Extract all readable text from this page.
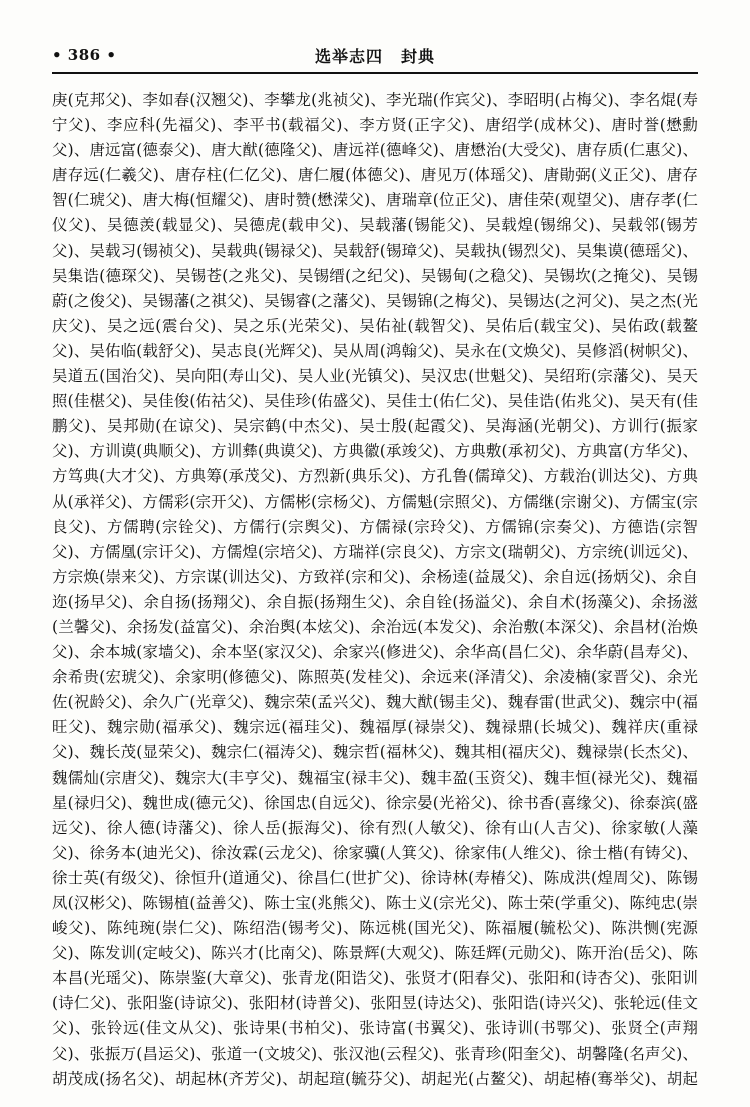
• 386 •	选举志四 封典
庚(克邦父)、李如春(汉翘父)、李攀龙(兆祯父)、李光瑞(作宾父)、李昭明(占梅父)、李名焜(寿
宁父)、李应科(先福父)、李平书(载福父)、李方贤(正字父)、唐绍学(成林父)、唐时誉(懋勳
父)、唐远富(德泰父)、唐大猷(德隆父)、唐远祥(德峰父)、唐懋治(大受父)、唐存质(仁惠父)、
唐存远(仁羲父)、唐存柱(仁亿父)、唐仁履(体德父)、唐见万(体瑶父)、唐勛弼(义正父)、唐存
智(仁琥父)、唐大梅(恒耀父)、唐时赞(懋溁父)、唐瑞章(位正父)、唐佳荣(观望父)、唐存孝(仁
仪父)、吴德羡(载显父)、吴德虎(载申父)、吴载藩(锡能父)、吴载煌(锡绵父)、吴载邻(锡芳
父)、吴载习(锡祯父)、吴载典(锡禄父)、吴载舒(锡璋父)、吴载执(锡烈父)、吴集谟(德瑶父)、
吴集诰(德琛父)、吴锡苍(之兆父)、吴锡缙(之纪父)、吴锡甸(之稳父)、吴锡坎(之掩父)、吴锡
蔚(之俊父)、吴锡藩(之祺父)、吴锡睿(之藩父)、吴锡锦(之梅父)、吴锡达(之河父)、吴之杰(光
庆父)、吴之远(震台父)、吴之乐(光荣父)、吴佑祉(载智父)、吴佑后(载宝父)、吴佑政(载鳌
父)、吴佑临(载舒父)、吴志良(光辉父)、吴从周(鸿翰父)、吴永在(文焕父)、吴修滔(树帜父)、
吴道五(国治父)、吴向阳(寿山父)、吴人业(光镇父)、吴汉忠(世魁父)、吴绍珩(宗藩父)、吴天
照(佳椹父)、吴佳俊(佑祜父)、吴佳珍(佑盛父)、吴佳士(佑仁父)、吴佳诰(佑兆父)、吴天有(佳
鹏父)、吴邦勋(在谅父)、吴宗鹤(中杰父)、吴士殷(起霞父)、吴海涵(光朝父)、方训行(振家
父)、方训谟(典顺父)、方训彝(典谟父)、方典徽(承竣父)、方典敷(承初父)、方典富(方华父)、
方笃典(大才父)、方典筹(承茂父)、方烈新(典乐父)、方孔鲁(儒璋父)、方载治(训达父)、方典
从(承祥父)、方儒彩(宗开父)、方儒彬(宗杨父)、方儒魁(宗照父)、方儒继(宗谢父)、方儒宝(宗
良父)、方儒聘(宗铨父)、方儒行(宗舆父)、方儒禄(宗玲父)、方儒锦(宗奏父)、方德诰(宗智
父)、方儒凰(宗讦父)、方儒煌(宗培父)、方瑞祥(宗良父)、方宗文(瑞朝父)、方宗统(训远父)、
方宗焕(崇来父)、方宗谋(训达父)、方致祥(宗和父)、余杨逵(益晟父)、余自远(扬炳父)、余自
迩(扬早父)、余自扬(扬翔父)、余自振(扬翔生父)、余自铨(扬溢父)、余自术(扬藻父)、余扬滋
(兰馨父)、余扬发(益富父)、余治舆(本炫父)、余治远(本发父)、余治敷(本深父)、余昌材(治焕
父)、余本城(家墙父)、余本坚(家汉父)、余家兴(修进父)、余华高(昌仁父)、余华蔚(昌寿父)、
余希贵(宏琥父)、余家明(修德父)、陈照英(发桂父)、余远来(泽清父)、余凌楠(家晋父)、余光
佐(祝龄父)、余久广(光章父)、魏宗荣(孟兴父)、魏大猷(锡圭父)、魏春雷(世武父)、魏宗中(福
旺父)、魏宗勋(福承父)、魏宗远(福珪父)、魏福厚(禄崇父)、魏禄鼎(长城父)、魏祥庆(重禄
父)、魏长茂(显荣父)、魏宗仁(福涛父)、魏宗哲(福林父)、魏其相(福庆父)、魏禄崇(长杰父)、
魏儒灿(宗唐父)、魏宗大(丰亨父)、魏福宝(禄丰父)、魏丰盈(玉资父)、魏丰恒(禄光父)、魏福
星(禄归父)、魏世成(德元父)、徐国忠(自远父)、徐宗晏(光裕父)、徐书香(喜缘父)、徐泰滨(盛
远父)、徐人德(诗藩父)、徐人岳(振海父)、徐有烈(人敏父)、徐有山(人吉父)、徐家敏(人藻
父)、徐务本(迪光父)、徐汝霖(云龙父)、徐家骥(人箕父)、徐家伟(人维父)、徐士楷(有铸父)、
徐士英(有级父)、徐恒升(道通父)、徐昌仁(世扩父)、徐诗林(寿椿父)、陈成洪(煌周父)、陈锡
凤(汉彬父)、陈锡植(益善父)、陈士宝(兆熊父)、陈士义(宗光父)、陈士荣(学重父)、陈纯忠(崇
峻父)、陈纯琬(崇仁父)、陈绍浩(锡考父)、陈远桃(国光父)、陈福履(毓松父)、陈洪恻(宪源
父)、陈发训(定岐父)、陈兴才(比南父)、陈景辉(大观父)、陈廷辉(元勋父)、陈开治(岳父)、陈
本昌(光瑶父)、陈崇鉴(大章父)、张青龙(阳诰父)、张贤才(阳春父)、张阳和(诗杏父)、张阳训
(诗仁父)、张阳鉴(诗谅父)、张阳材(诗普父)、张阳昱(诗达父)、张阳诰(诗兴父)、张轮远(佳文
父)、张铃远(佳文从父)、张诗果(书柏父)、张诗富(书翼父)、张诗训(书鄂父)、张贤仝(声翔
父)、张振万(昌运父)、张道一(文坡父)、张汉池(云程父)、张青珍(阳奎父)、胡馨隆(名声父)、
胡茂成(扬名父)、胡起林(齐芳父)、胡起瑄(毓芬父)、胡起光(占鳌父)、胡起椿(骞举父)、胡起
